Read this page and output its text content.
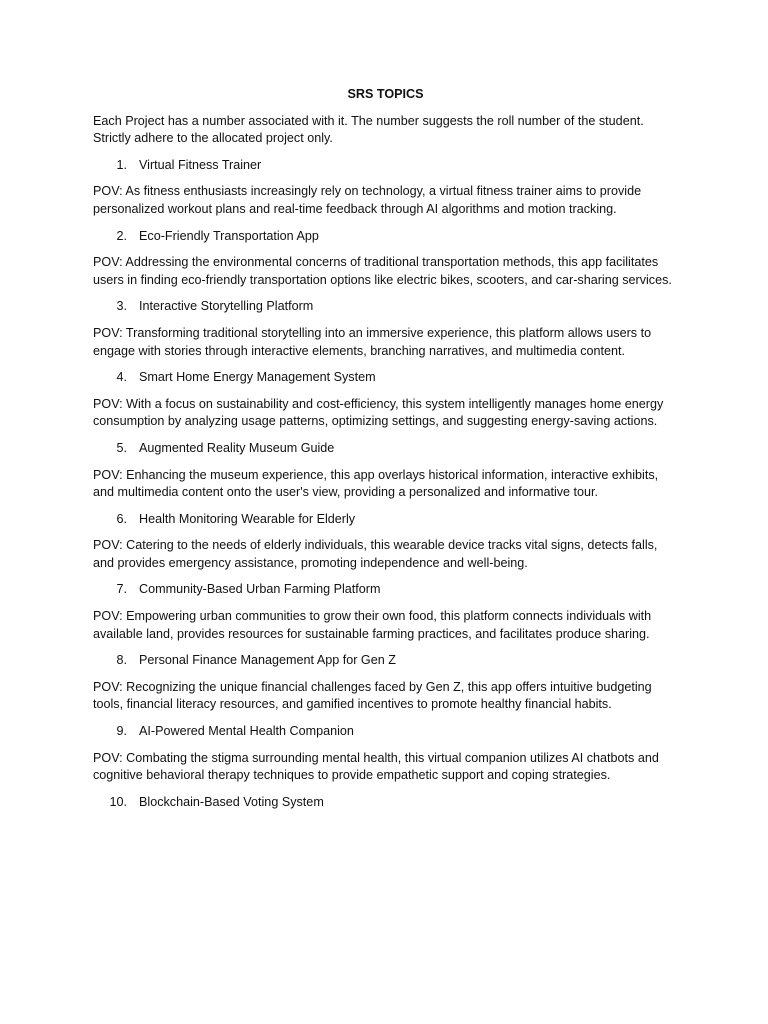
SRS TOPICS
Each Project has a number associated with it. The number suggests the roll number of the student. Strictly adhere to the allocated project only.
1. Virtual Fitness Trainer
POV: As fitness enthusiasts increasingly rely on technology, a virtual fitness trainer aims to provide personalized workout plans and real-time feedback through AI algorithms and motion tracking.
2. Eco-Friendly Transportation App
POV: Addressing the environmental concerns of traditional transportation methods, this app facilitates users in finding eco-friendly transportation options like electric bikes, scooters, and car-sharing services.
3. Interactive Storytelling Platform
POV: Transforming traditional storytelling into an immersive experience, this platform allows users to engage with stories through interactive elements, branching narratives, and multimedia content.
4. Smart Home Energy Management System
POV: With a focus on sustainability and cost-efficiency, this system intelligently manages home energy consumption by analyzing usage patterns, optimizing settings, and suggesting energy-saving actions.
5. Augmented Reality Museum Guide
POV: Enhancing the museum experience, this app overlays historical information, interactive exhibits, and multimedia content onto the user's view, providing a personalized and informative tour.
6. Health Monitoring Wearable for Elderly
POV: Catering to the needs of elderly individuals, this wearable device tracks vital signs, detects falls, and provides emergency assistance, promoting independence and well-being.
7. Community-Based Urban Farming Platform
POV: Empowering urban communities to grow their own food, this platform connects individuals with available land, provides resources for sustainable farming practices, and facilitates produce sharing.
8. Personal Finance Management App for Gen Z
POV: Recognizing the unique financial challenges faced by Gen Z, this app offers intuitive budgeting tools, financial literacy resources, and gamified incentives to promote healthy financial habits.
9. AI-Powered Mental Health Companion
POV: Combating the stigma surrounding mental health, this virtual companion utilizes AI chatbots and cognitive behavioral therapy techniques to provide empathetic support and coping strategies.
10. Blockchain-Based Voting System
